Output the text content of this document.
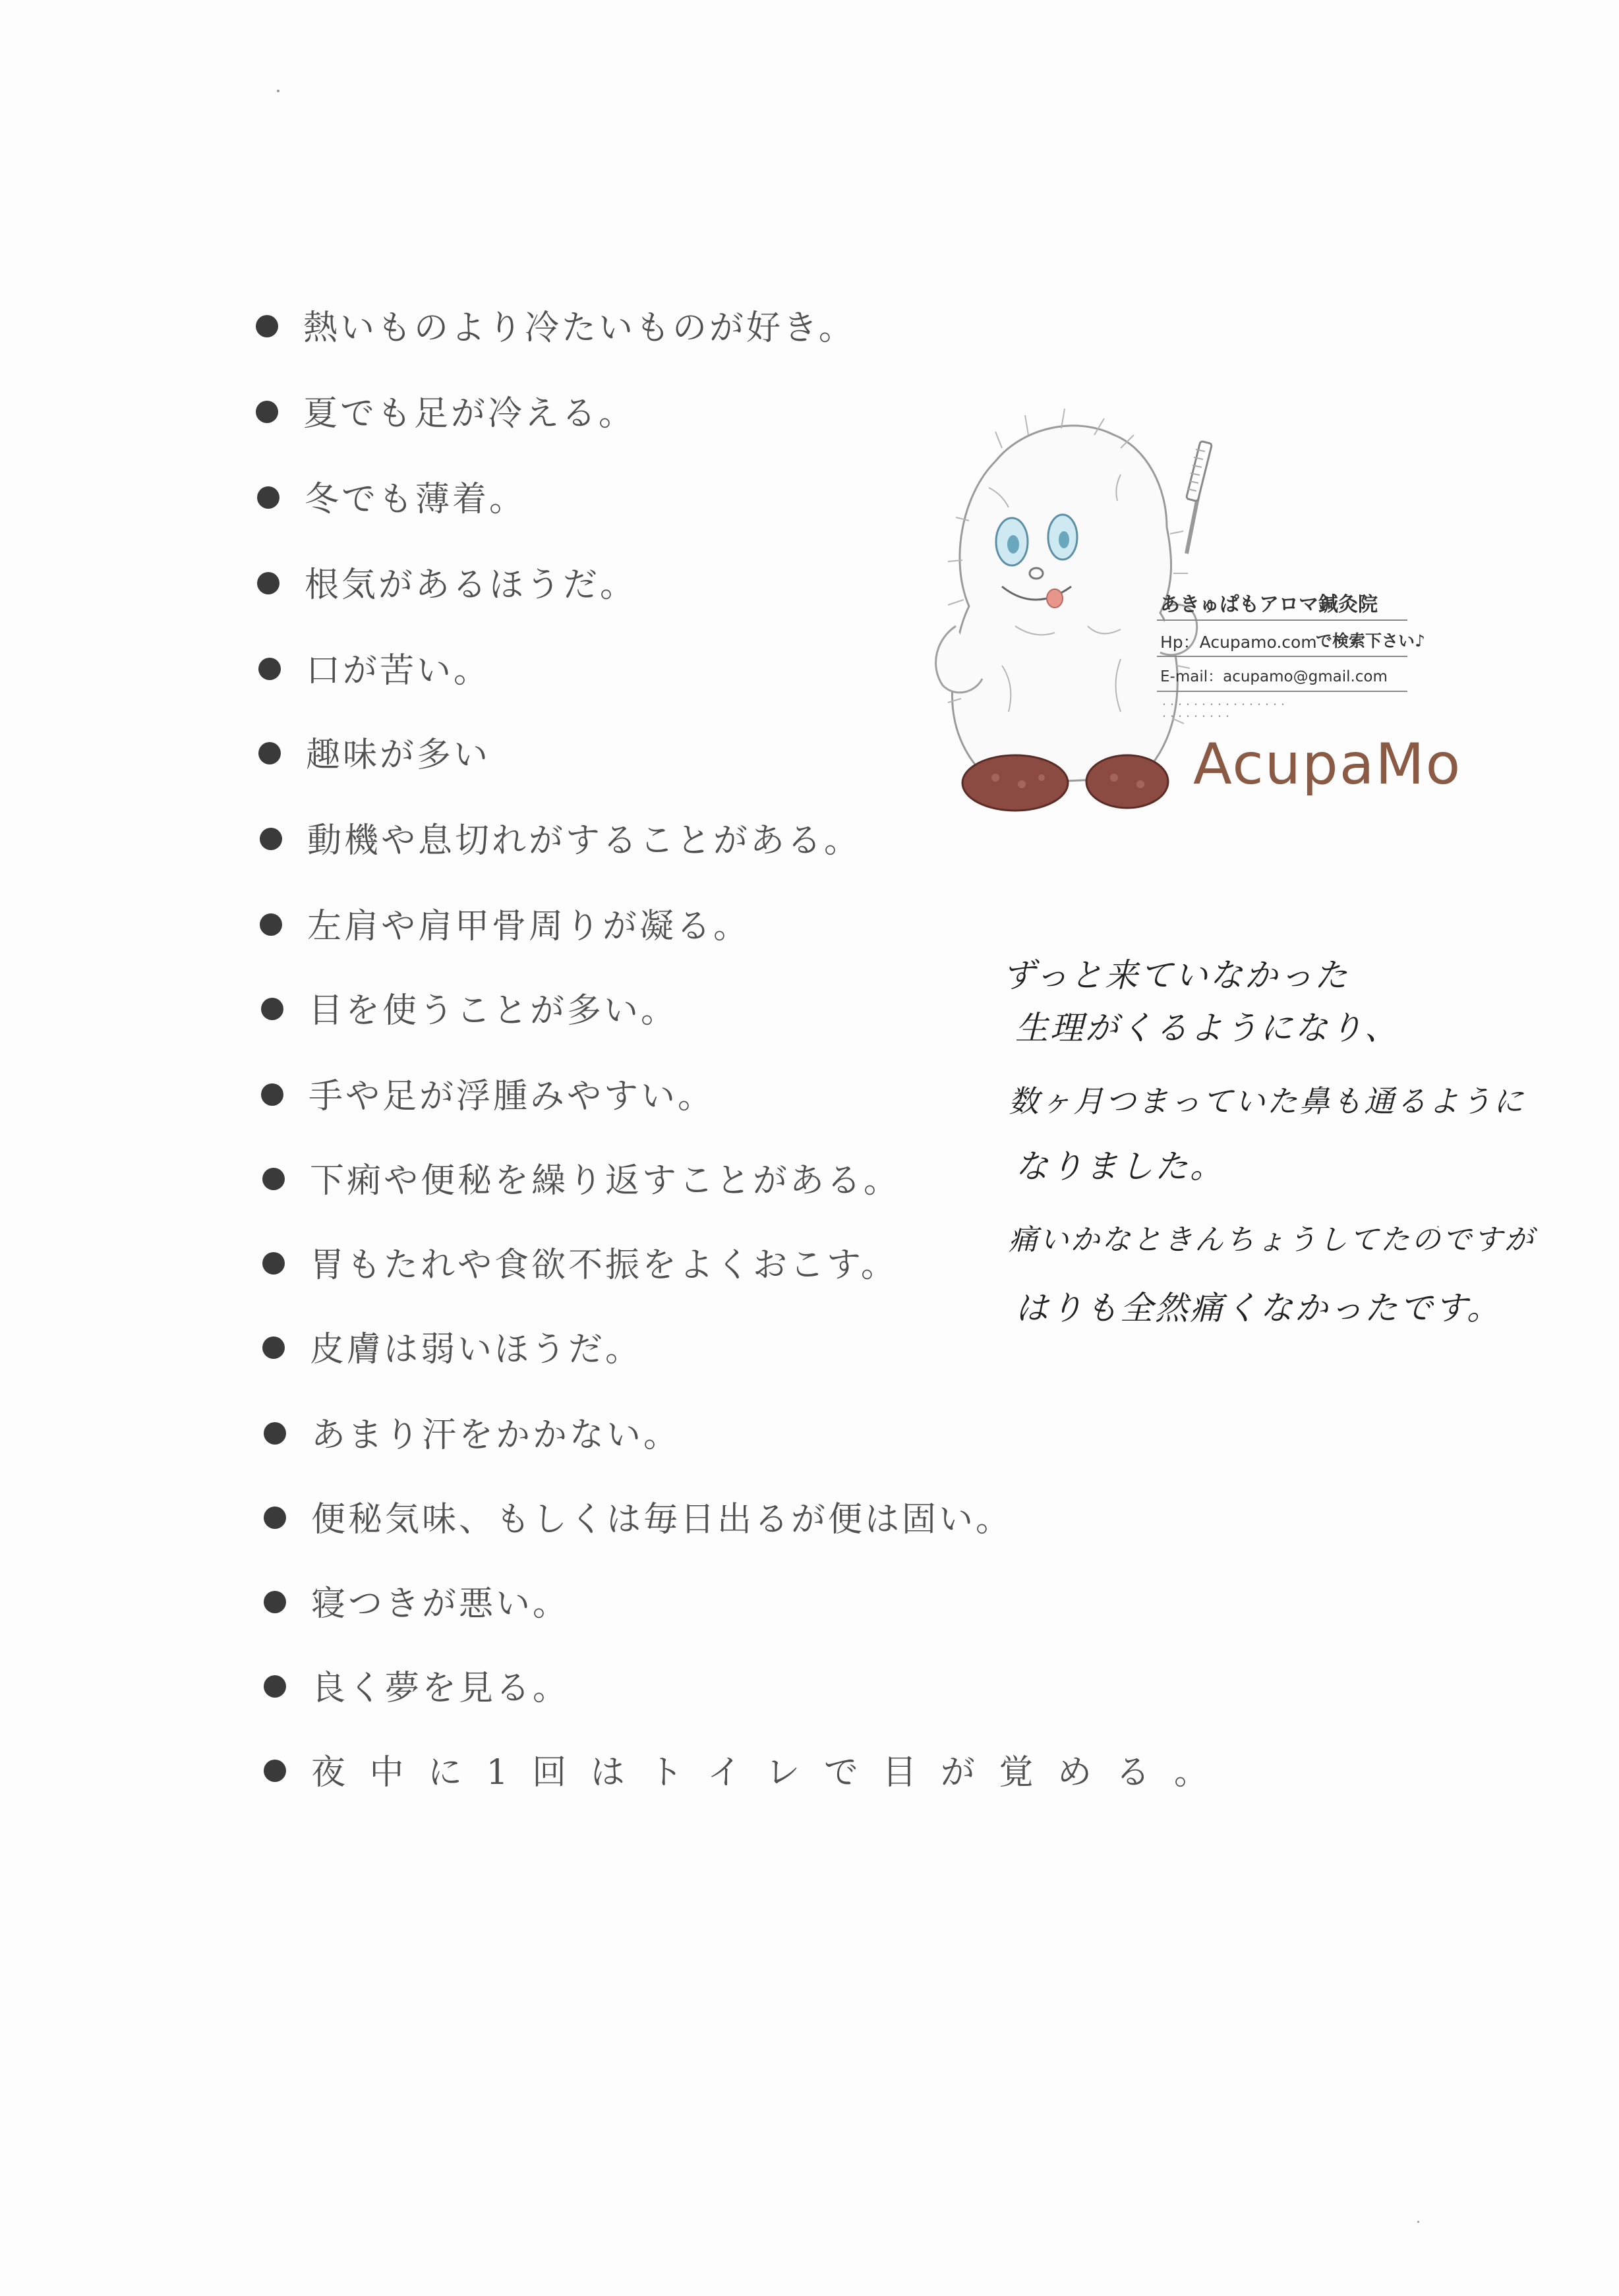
熱いものより冷たいものが好き。
夏でも足が冷える。
冬でも薄着。
根気があるほうだ。
口が苦い。
趣味が多い
動機や息切れがすることがある。
左肩や肩甲骨周りが凝る。
目を使うことが多い。
手や足が浮腫みやすい。
下痢や便秘を繰り返すことがある。
胃もたれや食欲不振をよくおこす。
皮膚は弱いほうだ。
あまり汗をかかない。
便秘気味、もしくは毎日出るが便は固い。
寝つきが悪い。
良く夢を見る。
夜 中 に 1 回 は ト イ レ で 目 が 覚 め る 。
あきゅぱもアロマ鍼灸院
Hp：Acupamo.com
で検索下さい♪
E-mail：acupamo@gmail.com
・・・・・・・・・・・・・・・・
・・・・・・・・・
AcupaMo
ずっと来ていなかった
生理がくるようになり、
数ヶ月つまっていた鼻も通るように
なりました。
痛いかなときんちょうしてたのですが
はりも全然痛くなかったです。
